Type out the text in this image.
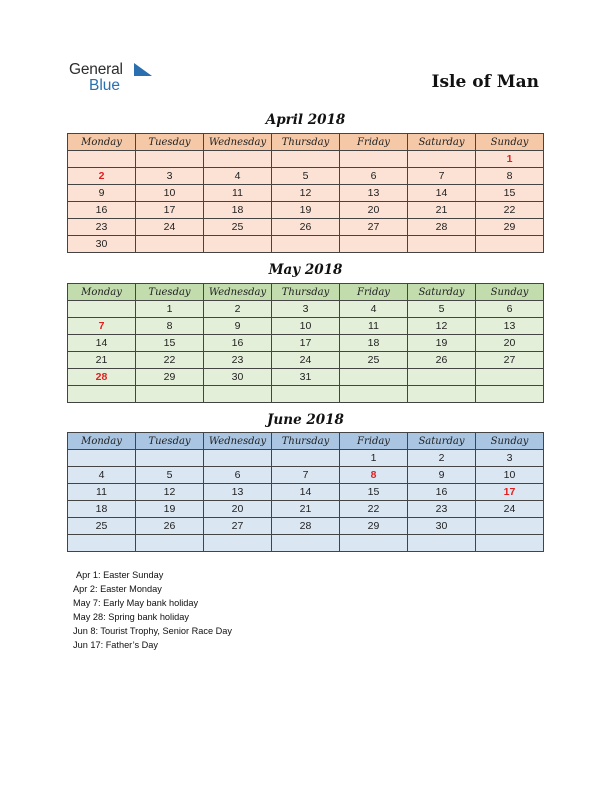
General
Blue	Isle of Man
April 2018
Monday	Tuesday	Wednesday	Thursday	Friday	Saturday	Sunday
						1
2	3	4	5	6	7	8
9	10	11	12	13	14	15
16	17	18	19	20	21	22
23	24	25	26	27	28	29
30						
May 2018
Monday	Tuesday	Wednesday	Thursday	Friday	Saturday	Sunday
	1	2	3	4	5	6
7	8	9	10	11	12	13
14	15	16	17	18	19	20
21	22	23	24	25	26	27
28	29	30	31			

June 2018
Monday	Tuesday	Wednesday	Thursday	Friday	Saturday	Sunday
				1	2	3
4	5	6	7	8	9	10
11	12	13	14	15	16	17
18	19	20	21	22	23	24
25	26	27	28	29	30	

Apr 1: Easter Sunday
Apr 2: Easter Monday
May 7: Early May bank holiday
May 28: Spring bank holiday
Jun 8: Tourist Trophy, Senior Race Day
Jun 17: Father’s Day
